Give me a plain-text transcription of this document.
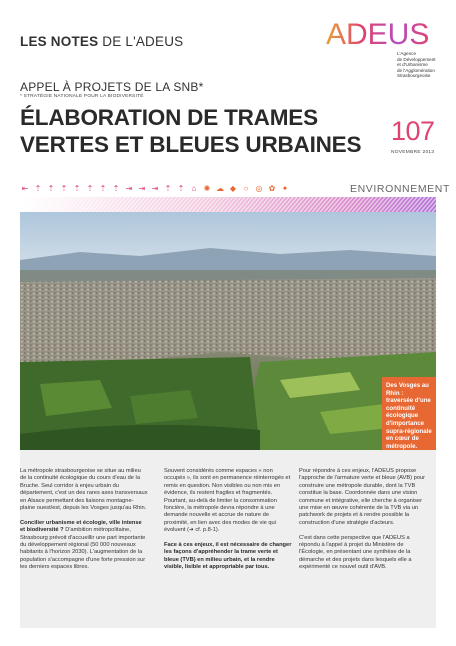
LES NOTES DE L'ADEUS	ADEUS
L'Agence
de Développement
et d'Urbanisme
de l'Agglomération
Strasbourgeoise
APPEL À PROJETS DE LA SNB*
* STRATÉGIE NATIONALE POUR LA BIODIVERSITÉ
ÉLABORATION DE TRAMES
VERTES ET BLEUES URBAINES 107
NOVEMBRE 2013
⇤ ⇡ ⇡ ⇡ ⇡ ⇡ ⇡ ⇡ ⇥ ⇥ ⇥ ⇡ ⇡ ⌂ ✺ ☁ ◆ ○ ◎ ✿ ✦	ENVIRONNEMENT

Des Vosges au Rhin : traversée d'une continuité écologique d'importance supra-régionale en cœur de métropole.

La métropole strasbourgeoise se situe au milieu de la continuité écologique du cours d'eau de la Bruche. Seul corridor à enjeu urbain du département, c'est un des rares axes transversaux en Alsace permettant des liaisons montagne-plaine ouest/est, depuis les Vosges jusqu'au Rhin.

Concilier urbanisme et écologie, ville intense et biodiversité ? D'ambition métropolitaine, Strasbourg prévoit d'accueillir une part importante du développement régional (50 000 nouveaux habitants à l'horizon 2030). L'augmentation de la population s'accompagne d'une forte pression sur les derniers espaces libres.

Souvent considérés comme espaces « non occupés », ils sont en permanence réinterrogés et remis en question. Non visibles ou non mis en évidence, ils restent fragiles et fragmentés. Pourtant, au-delà de limiter la consommation foncière, la métropole devra répondre à une demande nouvelle et accrue de nature de proximité, en lien avec des modes de vie qui évoluent (➜ cf. p.8-1).

Face à ces enjeux, il est nécessaire de changer les façons d'appréhender la trame verte et bleue (TVB) en milieu urbain, et la rendre visible, lisible et appropriable par tous.

Pour répondre à ces enjeux, l'ADEUS propose l'approche de l'armature verte et bleue (AVB) pour construire une métropole durable, dont la TVB constitue la base. Coordonnée dans une vision commune et intégrative, elle cherche à organiser une mise en œuvre cohérente de la TVB via un patchwork de projets et à rendre possible la construction d'une stratégie d'acteurs.

C'est dans cette perspective que l'ADEUS a répondu à l'appel à projet du Ministère de l'Écologie, en présentant une synthèse de la démarche et des projets dans lesquels elle a expérimenté ce nouvel outil d'AVB.
